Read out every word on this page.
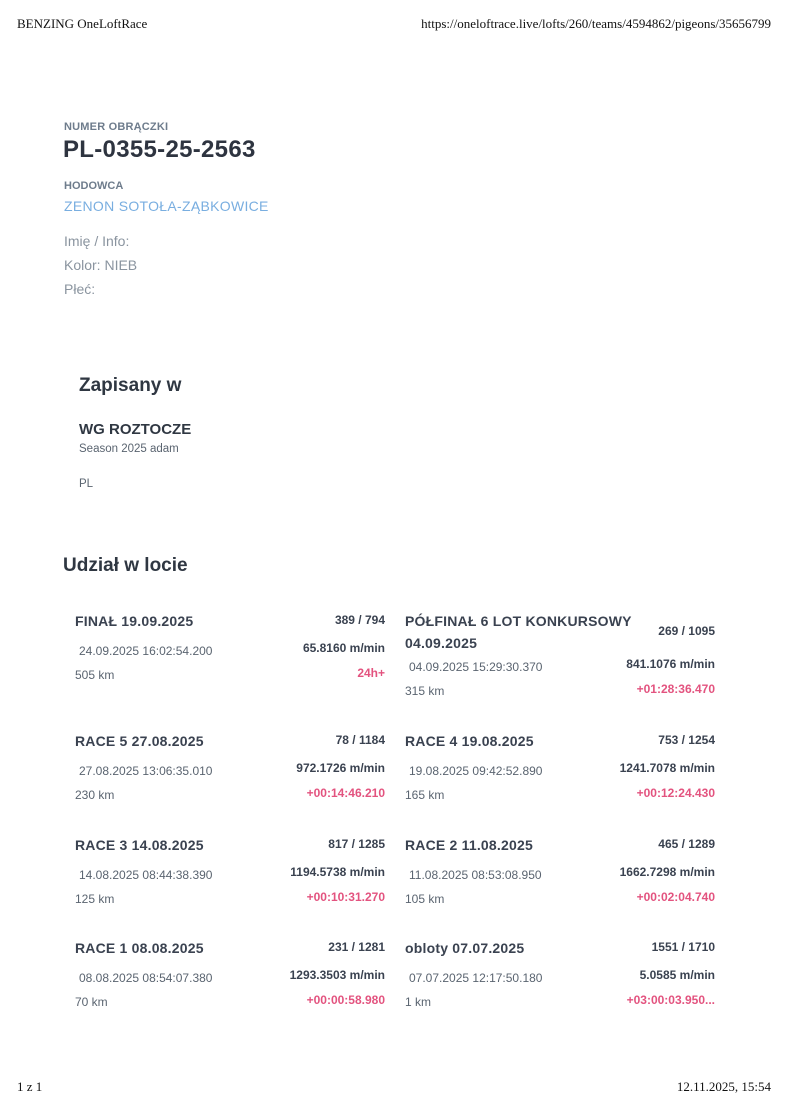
BENZING OneLoftRace	https://oneloftrace.live/lofts/260/teams/4594862/pigeons/35656799
1 z 1	12.11.2025, 15:54
NUMER OBRĄCZKI
PL-0355-25-2563
HODOWCA
ZENON SOTOŁA-ZĄBKOWICE
Imię / Info:
Kolor: NIEB
Płeć:
Zapisany w
WG ROZTOCZE
Season 2025 adam
PL
Udział w locie
FINAŁ 19.09.2025	389 / 794
24.09.2025 16:02:54.200	65.8160 m/min
505 km	24h+
PÓŁFINAŁ 6 LOT KONKURSOWY 04.09.2025
269 / 1095
04.09.2025 15:29:30.370	841.1076 m/min
315 km	+01:28:36.470
RACE 5 27.08.2025	78 / 1184
27.08.2025 13:06:35.010	972.1726 m/min
230 km	+00:14:46.210
RACE 4 19.08.2025	753 / 1254
19.08.2025 09:42:52.890	1241.7078 m/min
165 km	+00:12:24.430
RACE 3 14.08.2025	817 / 1285
14.08.2025 08:44:38.390	1194.5738 m/min
125 km	+00:10:31.270
RACE 2 11.08.2025	465 / 1289
11.08.2025 08:53:08.950	1662.7298 m/min
105 km	+00:02:04.740
RACE 1 08.08.2025	231 / 1281
08.08.2025 08:54:07.380	1293.3503 m/min
70 km	+00:00:58.980
obloty 07.07.2025	1551 / 1710
07.07.2025 12:17:50.180	5.0585 m/min
1 km	+03:00:03.950...
